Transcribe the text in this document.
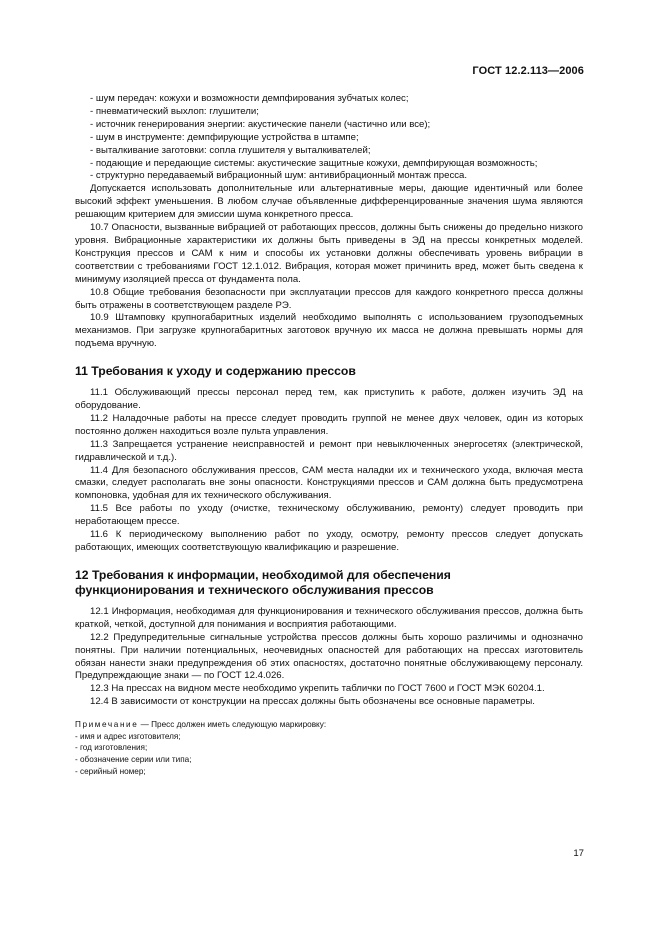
ГОСТ 12.2.113—2006

- шум передач: кожухи и возможности демпфирования зубчатых колес;

- пневматический выхлоп: глушители;

- источник генерирования энергии: акустические панели (частично или все);

- шум в инструменте: демпфирующие устройства в штампе;

- выталкивание заготовки: сопла глушителя у выталкивателей;

- подающие и передающие системы: акустические защитные кожухи, демпфирующая возможность;

- структурно передаваемый вибрационный шум: антивибрационный монтаж пресса.

Допускается использовать дополнительные или альтернативные меры, дающие идентичный или более высокий эффект уменьшения. В любом случае объявленные дифференцированные значения шума являются решающим критерием для эмиссии шума конкретного пресса.

10.7 Опасности, вызванные вибрацией от работающих прессов, должны быть снижены до предельно низкого уровня. Вибрационные характеристики их должны быть приведены в ЭД на прессы конкретных моделей. Конструкция прессов и САМ к ним и способы их установки должны обеспечивать уровень вибрации в соответствии с требованиями ГОСТ 12.1.012. Вибрация, которая может причинить вред, может быть сведена к минимуму изоляцией пресса от фундамента пола.

10.8 Общие требования безопасности при эксплуатации прессов для каждого конкретного пресса должны быть отражены в соответствующем разделе РЭ.

10.9 Штамповку крупногабаритных изделий необходимо выполнять с использованием грузоподъемных механизмов. При загрузке крупногабаритных заготовок вручную их масса не должна превышать нормы для подъема вручную.

11 Требования к уходу и содержанию прессов

11.1 Обслуживающий прессы персонал перед тем, как приступить к работе, должен изучить ЭД на оборудование.

11.2 Наладочные работы на прессе следует проводить группой не менее двух человек, один из которых постоянно должен находиться возле пульта управления.

11.3 Запрещается устранение неисправностей и ремонт при невыключенных энергосетях (электрической, гидравлической и т.д.).

11.4 Для безопасного обслуживания прессов, САМ места наладки их и технического ухода, включая места смазки, следует располагать вне зоны опасности. Конструкциями прессов и САМ должна быть предусмотрена компоновка, удобная для их технического обслуживания.

11.5 Все работы по уходу (очистке, техническому обслуживанию, ремонту) следует проводить при неработающем прессе.

11.6 К периодическому выполнению работ по уходу, осмотру, ремонту прессов следует допускать работающих, имеющих соответствующую квалификацию и разрешение.

12 Требования к информации, необходимой для обеспечения

функционирования и технического обслуживания прессов

12.1 Информация, необходимая для функционирования и технического обслуживания прессов, должна быть краткой, четкой, доступной для понимания и восприятия работающими.

12.2 Предупредительные сигнальные устройства прессов должны быть хорошо различимы и однозначно понятны. При наличии потенциальных, неочевидных опасностей для работающих на прессах изготовитель обязан нанести знаки предупреждения об этих опасностях, достаточно понятные обслуживающему персоналу. Предупреждающие знаки — по ГОСТ 12.4.026.

12.3 На прессах на видном месте необходимо укрепить таблички по ГОСТ 7600 и ГОСТ МЭК 60204.1.

12.4 В зависимости от конструкции на прессах должны быть обозначены все основные параметры.

Примечание — Пресс должен иметь следующую маркировку:

- имя и адрес изготовителя;

- год изготовления;

- обозначение серии или типа;

- серийный номер;

17
